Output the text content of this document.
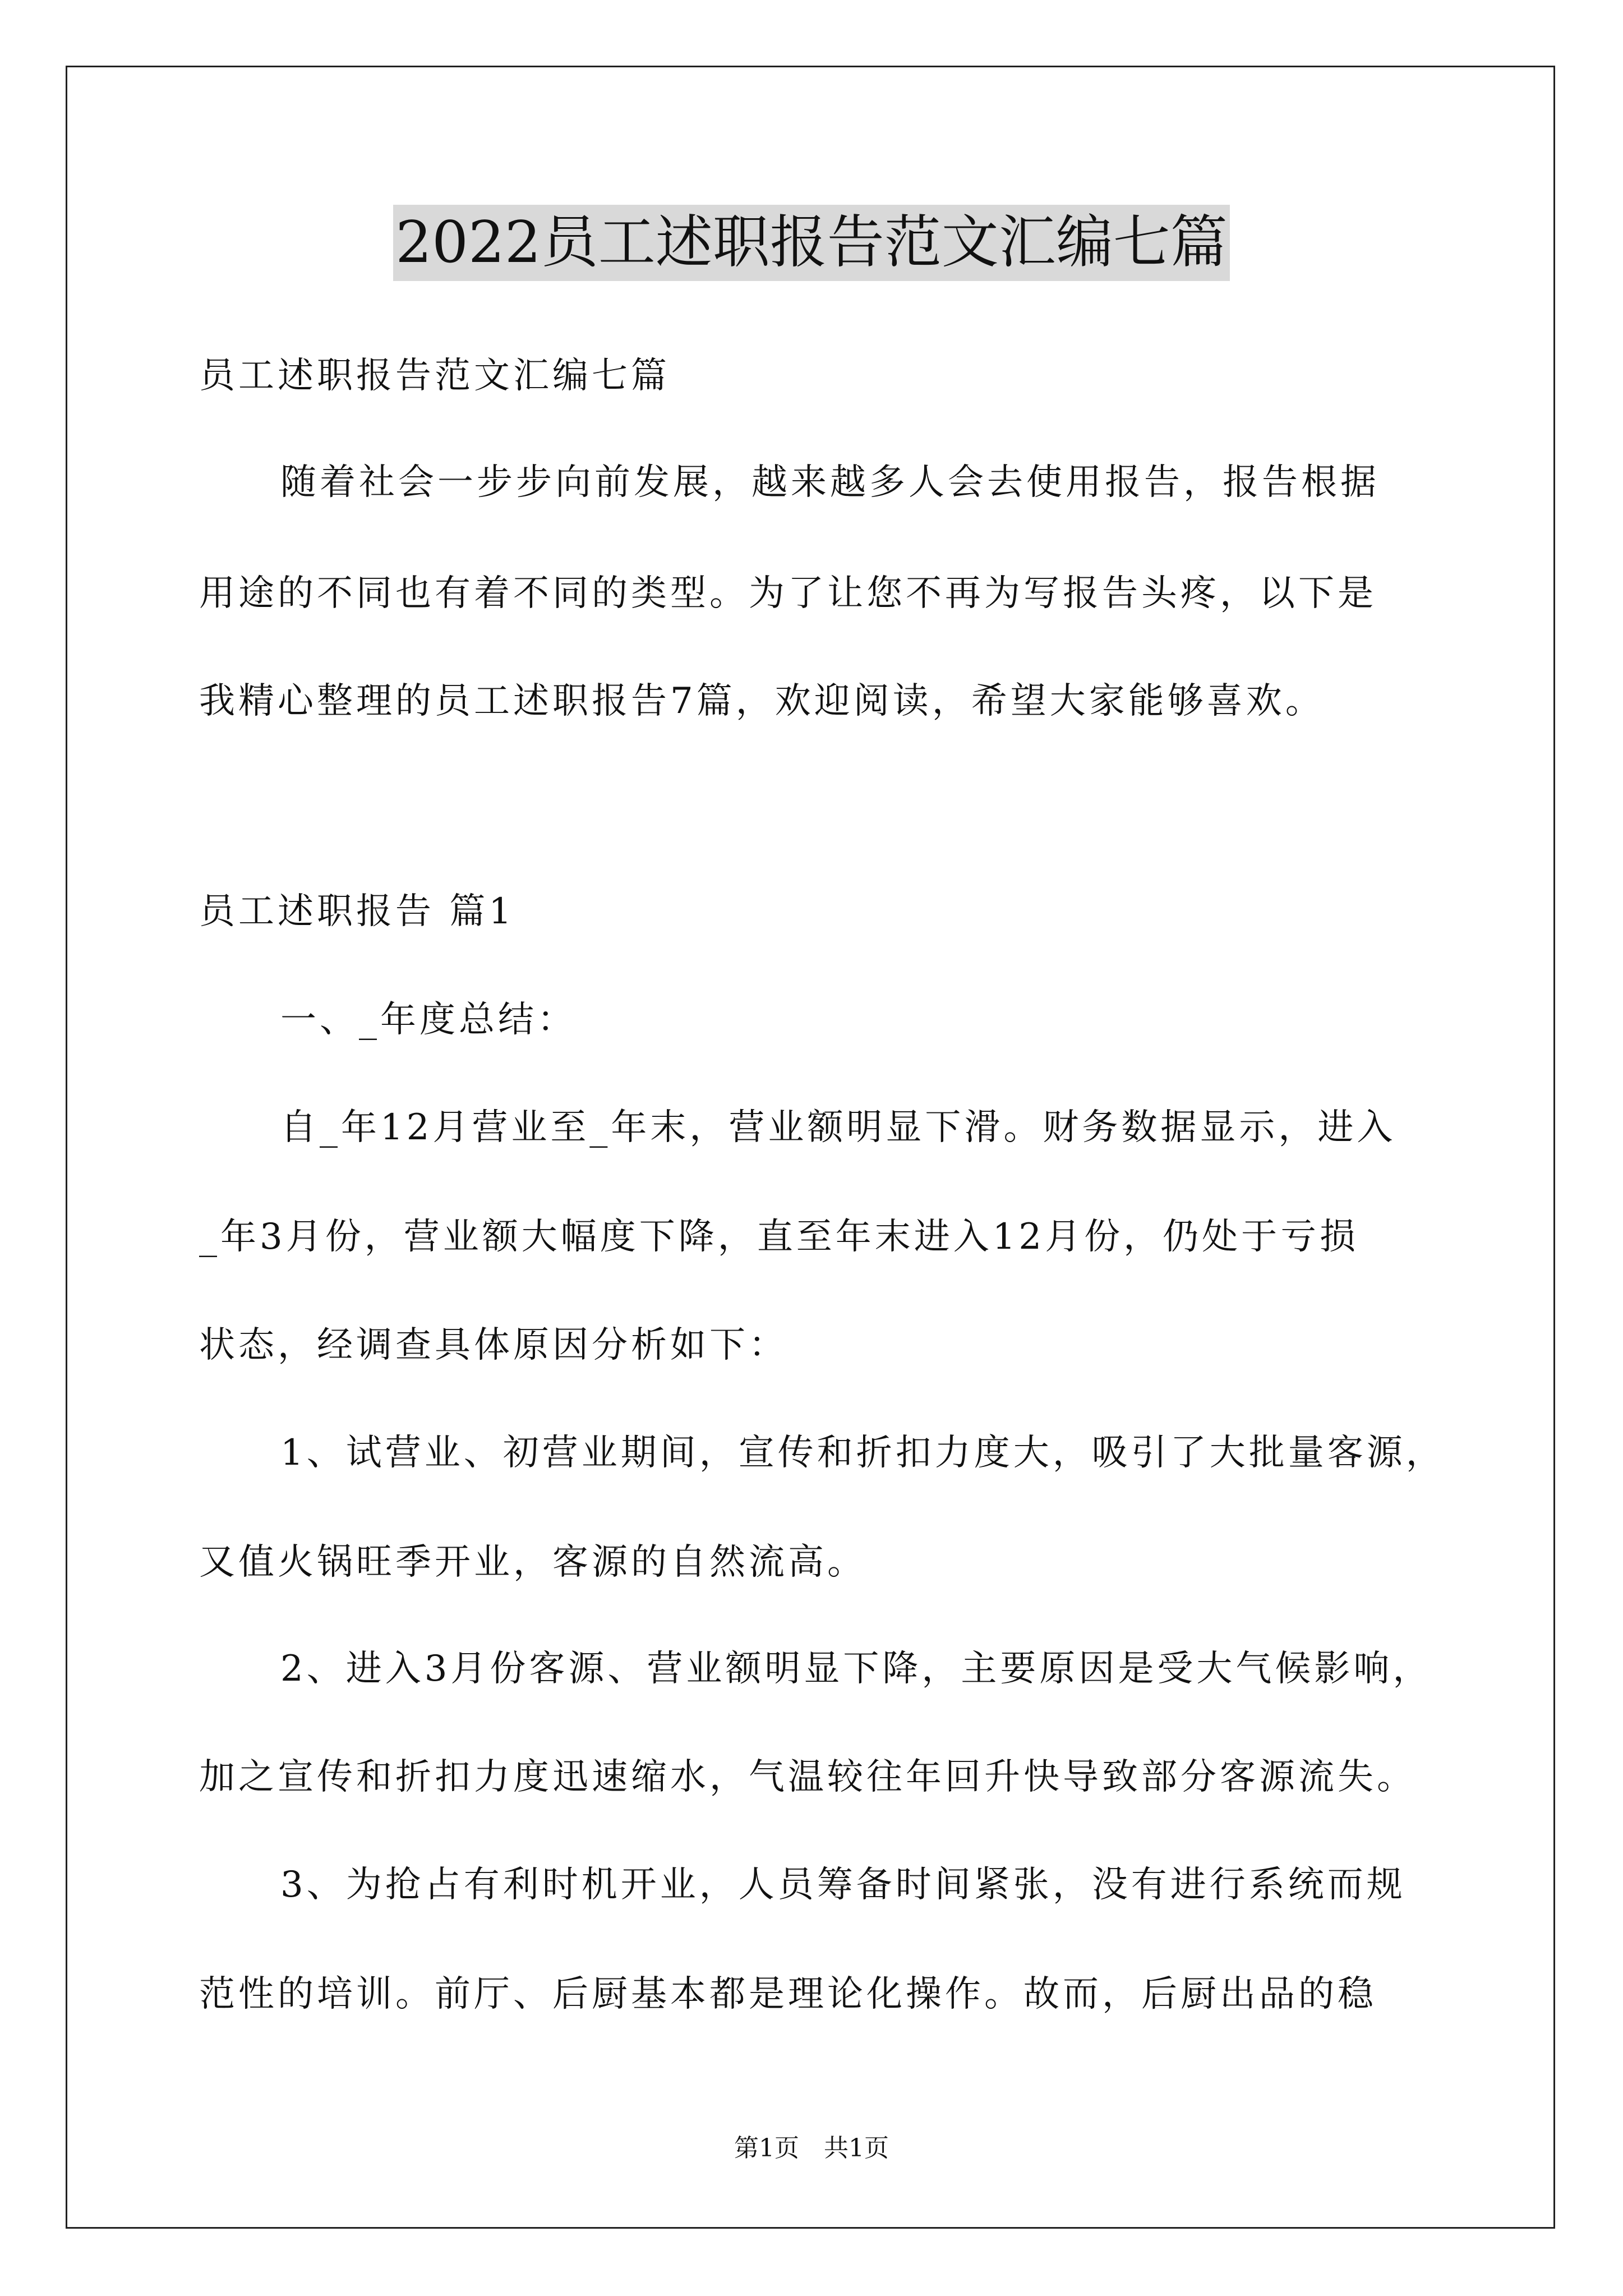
2022员工述职报告范文汇编七篇
员工述职报告范文汇编七篇
随着社会一步步向前发展，越来越多人会去使用报告，报告根据
用途的不同也有着不同的类型。为了让您不再为写报告头疼，以下是
我精心整理的员工述职报告7篇，欢迎阅读，希望大家能够喜欢。
员工述职报告 篇1
一、_年度总结：
自_年12月营业至_年末，营业额明显下滑。财务数据显示，进入
_年3月份，营业额大幅度下降，直至年末进入12月份，仍处于亏损
状态，经调查具体原因分析如下：
1、试营业、初营业期间，宣传和折扣力度大，吸引了大批量客源，
又值火锅旺季开业，客源的自然流高。
2、进入3月份客源、营业额明显下降，主要原因是受大气候影响，
加之宣传和折扣力度迅速缩水，气温较往年回升快导致部分客源流失。
3、为抢占有利时机开业，人员筹备时间紧张，没有进行系统而规
范性的培训。前厅、后厨基本都是理论化操作。故而，后厨出品的稳
第1页　共1页
